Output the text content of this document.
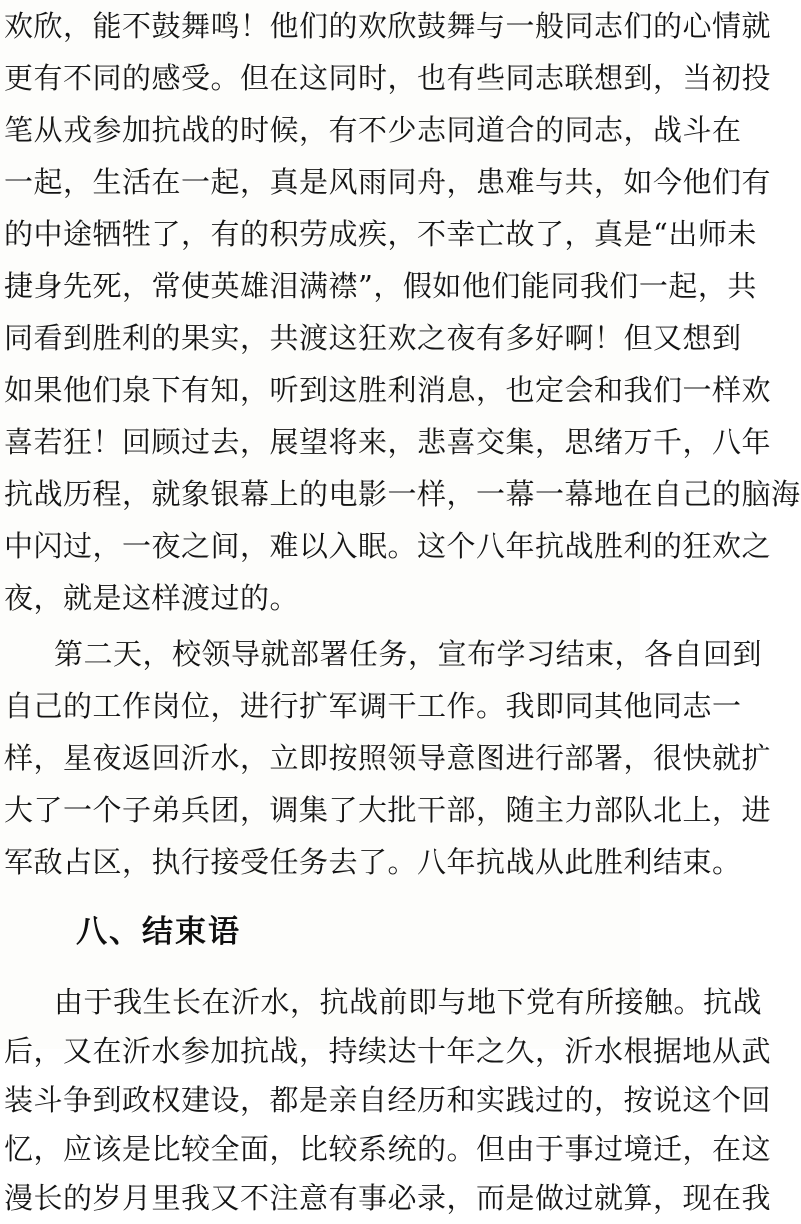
欢欣，能不鼓舞鸣！他们的欢欣鼓舞与一般同志们的心情就
更有不同的感受。但在这同时，也有些同志联想到，当初投
笔从戎参加抗战的时候，有不少志同道合的同志，战斗在
一起，生活在一起，真是风雨同舟，患难与共，如今他们有
的中途牺牲了，有的积劳成疾，不幸亡故了，真是“出师未
捷身先死，常使英雄泪满襟”，假如他们能同我们一起，共
同看到胜利的果实，共渡这狂欢之夜有多好啊！但又想到
如果他们泉下有知，听到这胜利消息，也定会和我们一样欢
喜若狂！回顾过去，展望将来，悲喜交集，思绪万千，八年
抗战历程，就象银幕上的电影一样，一幕一幕地在自己的脑海
中闪过，一夜之间，难以入眠。这个八年抗战胜利的狂欢之
夜，就是这样渡过的。
第二天，校领导就部署任务，宣布学习结束，各自回到
自己的工作岗位，进行扩军调干工作。我即同其他同志一
样，星夜返回沂水，立即按照领导意图进行部署，很快就扩
大了一个子弟兵团，调集了大批干部，随主力部队北上，进
军敌占区，执行接受任务去了。八年抗战从此胜利结束。
八、结束语
由于我生长在沂水，抗战前即与地下党有所接触。抗战
后，又在沂水参加抗战，持续达十年之久，沂水根据地从武
装斗争到政权建设，都是亲自经历和实践过的，按说这个回
忆，应该是比较全面，比较系统的。但由于事过境迁，在这
漫长的岁月里我又不注意有事必录，而是做过就算，现在我
